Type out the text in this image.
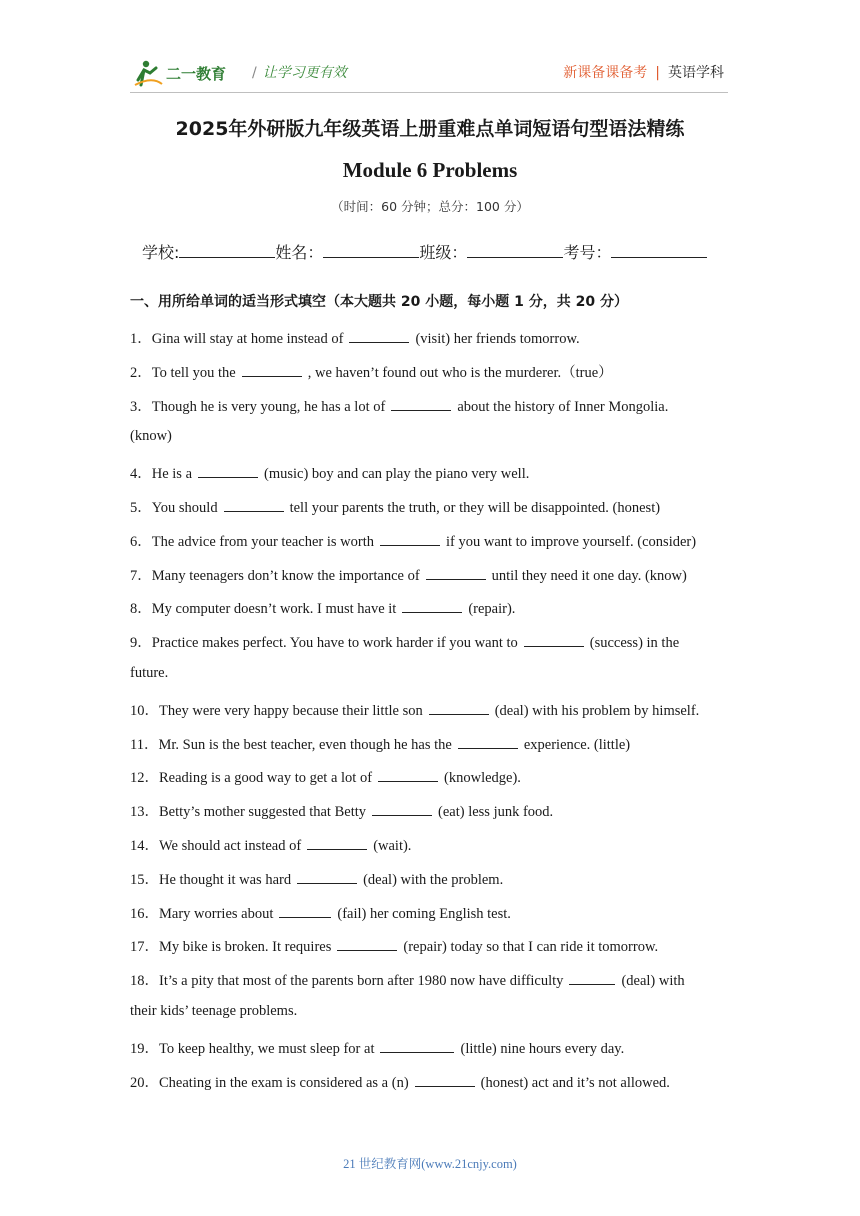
二一教育 / 让学习更有效	新课备课备考 | 英语学科
2025年外研版九年级英语上册重难点单词短语句型语法精练
Module 6 Problems
（时间：60 分钟；总分：100 分）
学校:	姓名：	班级：	考号：
一、用所给单词的适当形式填空（本大题共 20 小题，每小题 1 分，共 20 分）
1．Gina will stay at home instead of	(visit) her friends tomorrow.
2．To tell you the	, we haven’t found out who is the murderer.（true）
3．Though he is very young, he has a lot of	about the history of Inner Mongolia.
(know)
4．He is a	(music) boy and can play the piano very well.
5．You should	tell your parents the truth, or they will be disappointed. (honest)
6．The advice from your teacher is worth	if you want to improve yourself. (consider)
7．Many teenagers don’t know the importance of	until they need it one day. (know)
8．My computer doesn’t work. I must have it	(repair).
9．Practice makes perfect. You have to work harder if you want to	(success) in the
future.
10．They were very happy because their little son	(deal) with his problem by himself.
11．Mr. Sun is the best teacher, even though he has the	experience. (little)
12．Reading is a good way to get a lot of	(knowledge).
13．Betty’s mother suggested that Betty	(eat) less junk food.
14．We should act instead of	(wait).
15．He thought it was hard	(deal) with the problem.
16．Mary worries about	(fail) her coming English test.
17．My bike is broken. It requires	(repair) today so that I can ride it tomorrow.
18．It’s a pity that most of the parents born after 1980 now have difficulty	(deal) with
their kids’ teenage problems.
19．To keep healthy, we must sleep for at	(little) nine hours every day.
20．Cheating in the exam is considered as a (n)	(honest) act and it’s not allowed.
21 世纪教育网(www.21cnjy.com)
